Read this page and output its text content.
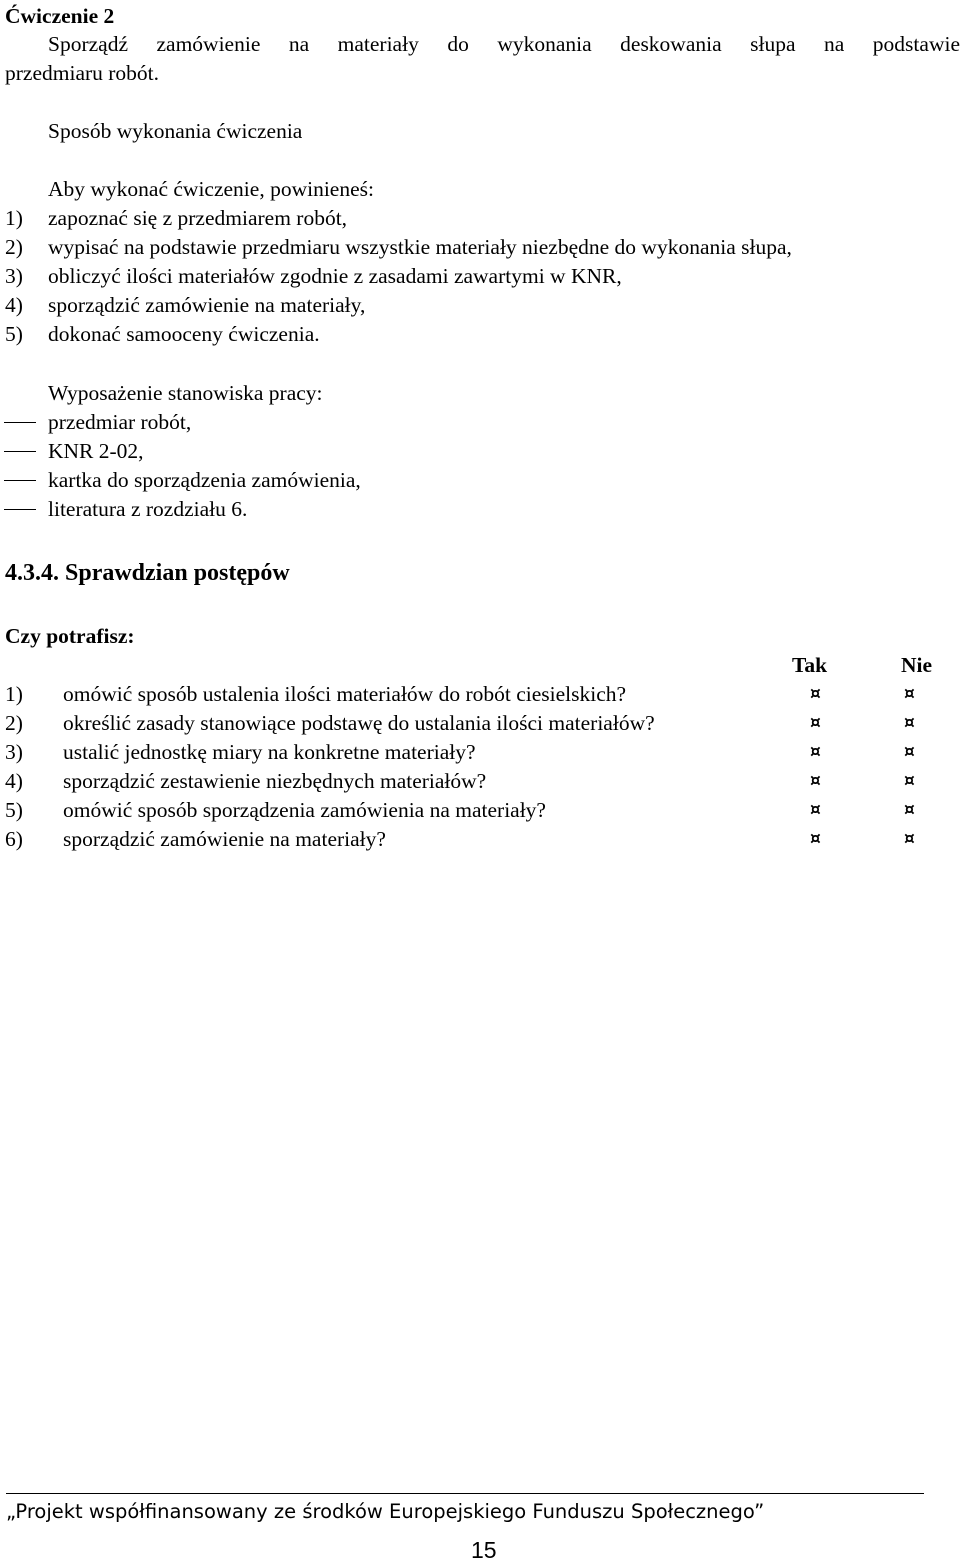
Ćwiczenie 2
Sporządź zamówienie na materiały do wykonania deskowania słupa na podstawie
przedmiaru robót.
Sposób wykonania ćwiczenia
Aby wykonać ćwiczenie, powinieneś:
1) zapoznać się z przedmiarem robót,
2) wypisać na podstawie przedmiaru wszystkie materiały niezbędne do wykonania słupa,
3) obliczyć ilości materiałów zgodnie z zasadami zawartymi w KNR,
4) sporządzić zamówienie na materiały,
5) dokonać samooceny ćwiczenia.
Wyposażenie stanowiska pracy:
przedmiar robót,
KNR 2-02,
kartka do sporządzenia zamówienia,
literatura z rozdziału 6.
4.3.4. Sprawdzian postępów
Czy potrafisz:
Tak	Nie
1) omówić sposób ustalenia ilości materiałów do robót ciesielskich?	¤	¤
2) określić zasady stanowiące podstawę do ustalania ilości materiałów?	¤	¤
3) ustalić jednostkę miary na konkretne materiały?	¤	¤
4) sporządzić zestawienie niezbędnych materiałów?	¤	¤
5) omówić sposób sporządzenia zamówienia na materiały?	¤	¤
6) sporządzić zamówienie na materiały?	¤	¤
„Projekt współfinansowany ze środków Europejskiego Funduszu Społecznego”
15
